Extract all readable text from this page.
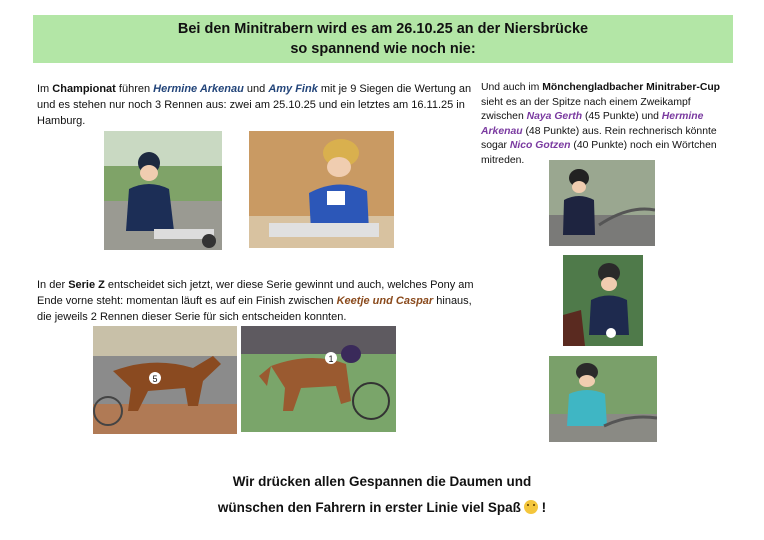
Bei den Minitrabern wird es am 26.10.25 an der Niersbrücke
so spannend wie noch nie:
Im Championat führen Hermine Arkenau und Amy Fink mit je 9 Siegen die Wertung an und es stehen nur noch 3 Rennen aus: zwei am 25.10.25 und ein letztes am 16.11.25 in Hamburg.
Und auch im Mönchengladbacher Minitraber-Cup sieht es an der Spitze nach einem Zweikampf zwischen Naya Gerth (45 Punkte) und Hermine Arkenau (48 Punkte) aus. Rein rechnerisch könnte sogar Nico Gotzen (40 Punkte) noch ein Wörtchen mitreden.
In der Serie Z entscheidet sich jetzt, wer diese Serie gewinnt und auch, welches Pony am Ende vorne steht: momentan läuft es auf ein Finish zwischen Keetje und Caspar hinaus, die jeweils 2 Rennen dieser Serie für sich entscheiden konnten.
5
1
Wir drücken allen Gespannen die Daumen und
wünschen den Fahrern in erster Linie viel Spaß !
